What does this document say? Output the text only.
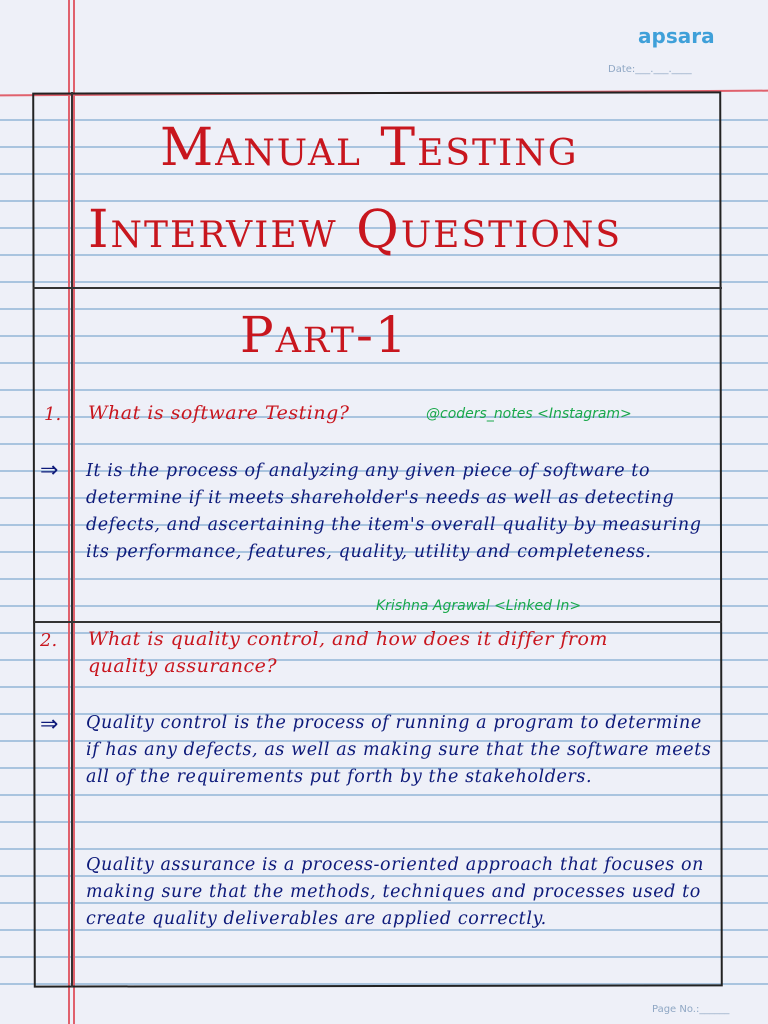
apsara
Date:___.___.____
Manual Testing
Interview Questions
Part-1
1. What is software Testing?	@coders_notes <Instagram>
⇒ It is the process of analyzing any given piece of software to determine if it meets shareholder's needs as well as detecting defects, and ascertaining the item's overall quality by measuring its performance, features, quality, utility and completeness.

Krishna Agrawal <Linked In>
2. What is quality control, and how does it differ from
quality assurance?
⇒ Quality control is the process of running a program to determine if has any defects, as well as making sure that the software meets all of the requirements put forth by the stakeholders.

Quality assurance is a process-oriented approach that focuses on making sure that the methods, techniques and processes used to create quality deliverables are applied correctly.

Page No.:______
